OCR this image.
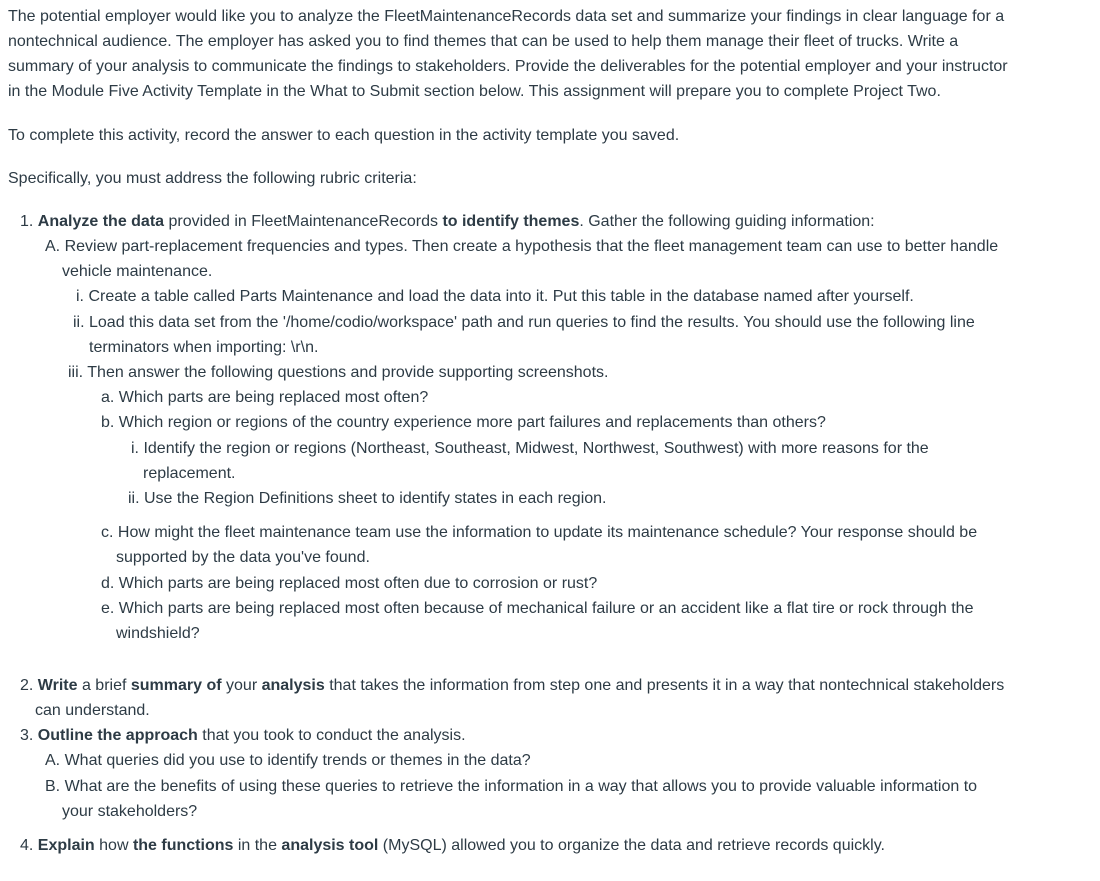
The potential employer would like you to analyze the FleetMaintenanceRecords data set and summarize your findings in clear language for a
nontechnical audience. The employer has asked you to find themes that can be used to help them manage their fleet of trucks. Write a
summary of your analysis to communicate the findings to stakeholders. Provide the deliverables for the potential employer and your instructor
in the Module Five Activity Template in the What to Submit section below. This assignment will prepare you to complete Project Two.
To complete this activity, record the answer to each question in the activity template you saved.
Specifically, you must address the following rubric criteria:
1. Analyze the data provided in FleetMaintenanceRecords to identify themes. Gather the following guiding information:
A. Review part-replacement frequencies and types. Then create a hypothesis that the fleet management team can use to better handle
vehicle maintenance.
i. Create a table called Parts Maintenance and load the data into it. Put this table in the database named after yourself.
ii. Load this data set from the '/home/codio/workspace' path and run queries to find the results. You should use the following line
terminators when importing: \r\n.
iii. Then answer the following questions and provide supporting screenshots.
a. Which parts are being replaced most often?
b. Which region or regions of the country experience more part failures and replacements than others?
i. Identify the region or regions (Northeast, Southeast, Midwest, Northwest, Southwest) with more reasons for the
replacement.
ii. Use the Region Definitions sheet to identify states in each region.
c. How might the fleet maintenance team use the information to update its maintenance schedule? Your response should be
supported by the data you've found.
d. Which parts are being replaced most often due to corrosion or rust?
e. Which parts are being replaced most often because of mechanical failure or an accident like a flat tire or rock through the
windshield?
2. Write a brief summary of your analysis that takes the information from step one and presents it in a way that nontechnical stakeholders
can understand.
3. Outline the approach that you took to conduct the analysis.
A. What queries did you use to identify trends or themes in the data?
B. What are the benefits of using these queries to retrieve the information in a way that allows you to provide valuable information to
your stakeholders?
4. Explain how the functions in the analysis tool (MySQL) allowed you to organize the data and retrieve records quickly.
